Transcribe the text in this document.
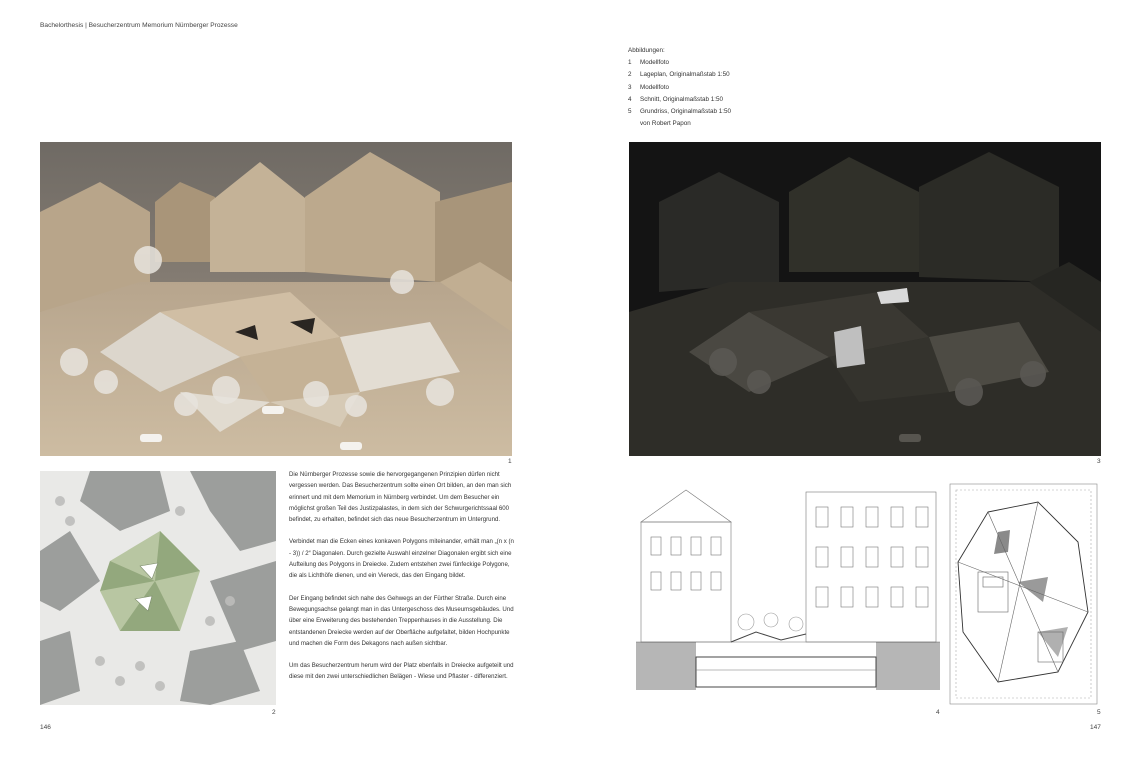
Bachelorthesis | Besucherzentrum Memorium Nürnberger Prozesse
Abbildungen:
1	Modellfoto
2	Lageplan, Originalmaßstab 1:50
3	Modellfoto
4	Schnitt, Originalmaßstab 1:50
5	Grundriss, Originalmaßstab 1:50
von Robert Papon
1	3
2

Die Nürnberger Prozesse sowie die hervorgegangenen Prinzipien dürfen nicht vergessen werden. Das Besucherzentrum sollte einen Ort bilden, an den man sich erinnert und mit dem Memorium in Nürnberg verbindet. Um dem Besucher ein möglichst großen Teil des Justizpalastes, in dem sich der Schwurgerichtssaal 600 befindet, zu erhalten, befindet sich das neue Besucherzentrum im Untergrund.

Verbindet man die Ecken eines konkaven Polygons miteinander, erhält man „(n x (n - 3)) / 2“ Diagonalen. Durch gezielte Auswahl einzelner Diagonalen ergibt sich eine Aufteilung des Polygons in Dreiecke. Zudem entstehen zwei fünfeckige Polygone, die als Lichthöfe dienen, und ein Viereck, das den Eingang bildet.

Der Eingang befindet sich nahe des Gehwegs an der Fürther Straße. Durch eine Bewegungsachse gelangt man in das Untergeschoss des Museumsgebäudes. Und über eine Erweiterung des bestehenden Treppenhauses in die Ausstellung. Die entstandenen Dreiecke werden auf der Oberfläche aufgefaltet, bilden Hochpunkte und machen die Form des Dekagons nach außen sichtbar.

Um das Besucherzentrum herum wird der Platz ebenfalls in Dreiecke aufgeteilt und diese mit den zwei unterschiedlichen Belägen - Wiese und Pflaster - differenziert.

4	5
146	147
